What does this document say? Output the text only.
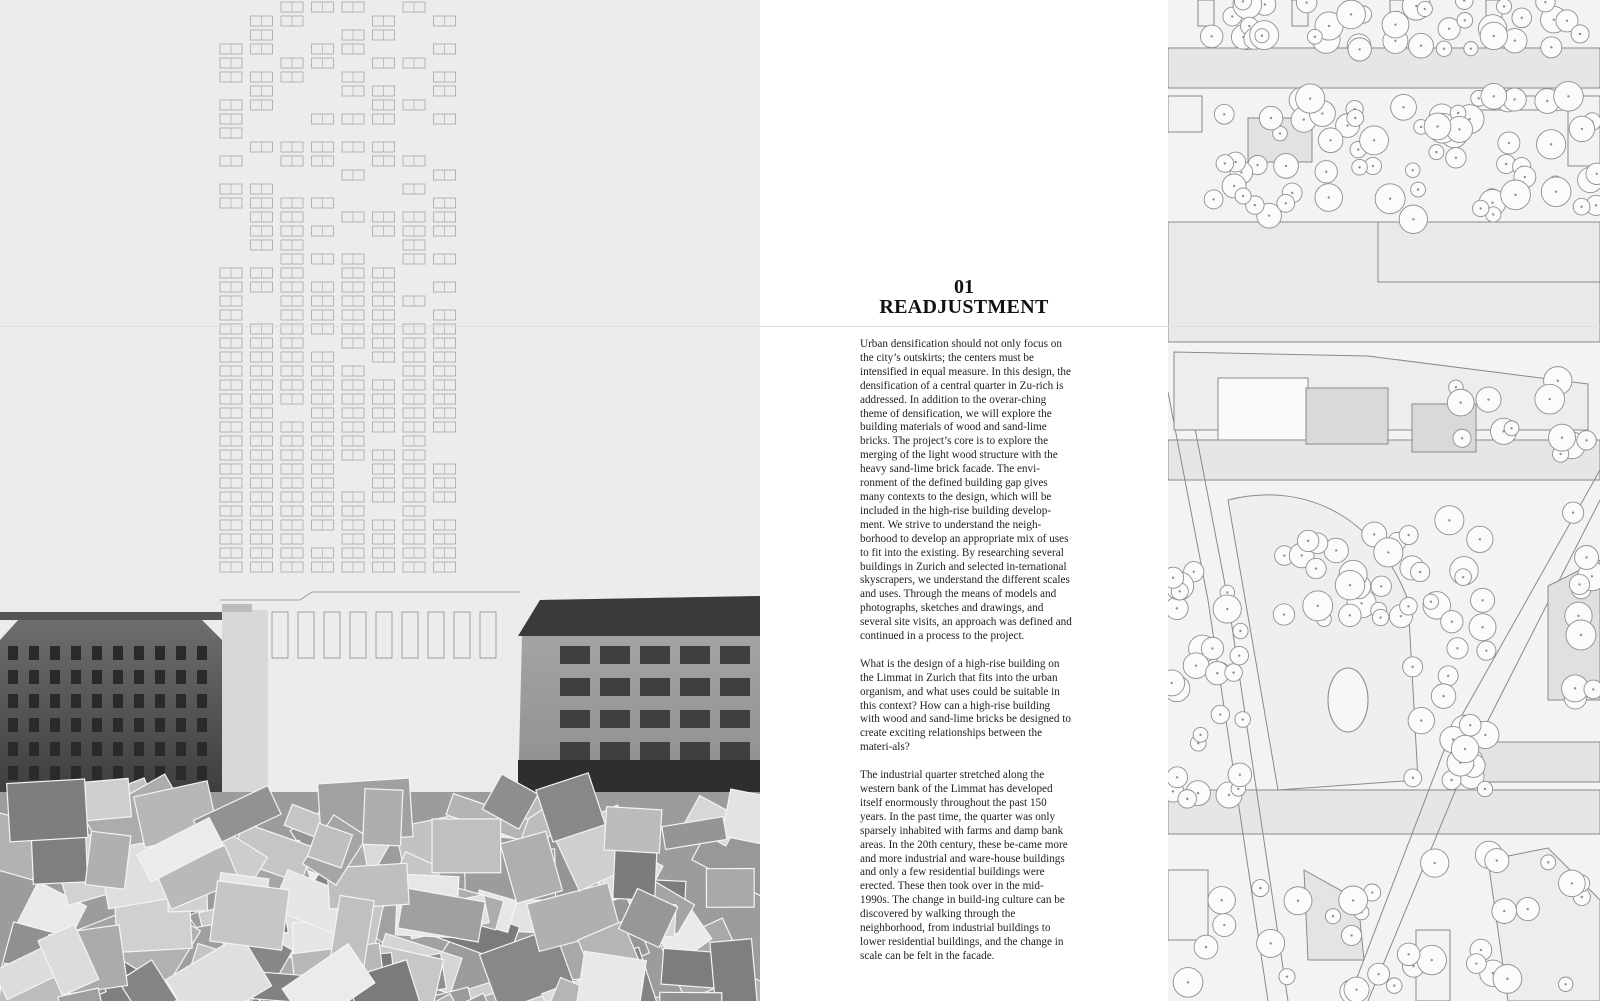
01
READJUSTMENT

Urban densification should not only focus on the city’s outskirts; the centers must be intensified in equal measure. In this design, the densification of a central quarter in Zu-rich is addressed. In addition to the overar-ching theme of densification, we will explore the building materials of wood and sand-lime bricks. The project’s core is to explore the merging of the light wood structure with the heavy sand-lime brick facade. The envi-ronment of the defined building gap gives many contexts to the design, which will be included in the high-rise building develop-ment. We strive to understand the neigh-borhood to develop an appropriate mix of uses to fit into the existing. By researching several buildings in Zurich and selected in-ternational skyscrapers, we understand the different scales and uses. Through the means of models and photographs, sketches and drawings, and several site visits, an approach was defined and continued in a process to the project.

What is the design of a high-rise building on the Limmat in Zurich that fits into the urban organism, and what uses could be suitable in this context? How can a high-rise building with wood and sand-lime bricks be designed to create exciting relationships between the materi-als?

The industrial quarter stretched along the western bank of the Limmat has developed itself enormously throughout the past 150 years. In the past time, the quarter was only sparsely inhabited with farms and damp bank areas. In the 20th century, these be-came more and more industrial and ware-house buildings and only a few residential buildings were erected. These then took over in the mid-1990s. The change in build-ing culture can be discovered by walking through the neighborhood, from industrial buildings to lower residential buildings, and the change in scale can be felt in the facade.
